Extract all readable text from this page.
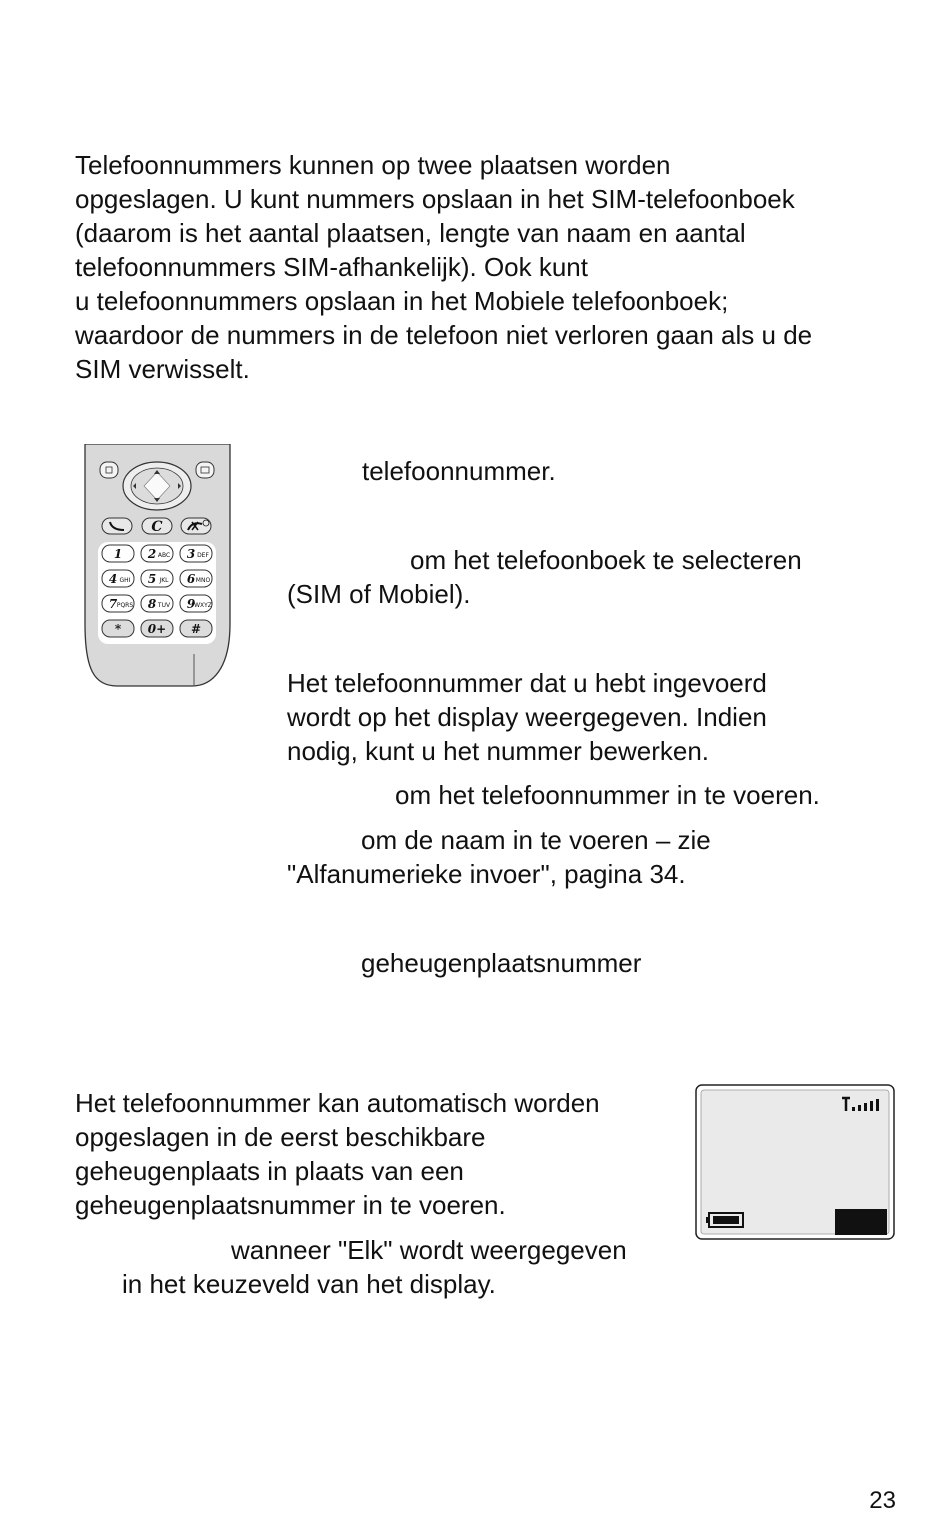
Telefoonnummers kunnen op twee plaatsen worden
opgeslagen. U kunt nummers opslaan in het SIM-telefoonboek
(daarom is het aantal plaatsen, lengte van naam en aantal
telefoonnummers SIM-afhankelijk). Ook kunt
u telefoonnummers opslaan in het Mobiele telefoonboek;
waardoor de nummers in de telefoon niet verloren gaan als u de
SIM verwisselt.
C
1 2 ABC 3 DEF
4 GHI 5 JKL 6 MNO
7 PQRS 8 TUV 9
WXYZ
* 0+ #

telefoonnummer.

om het telefoonboek te selecteren

(SIM of Mobiel).

Het telefoonnummer dat u hebt ingevoerd

wordt op het display weergegeven. Indien

nodig, kunt u het nummer bewerken.

om het telefoonnummer in te voeren.

om de naam in te voeren – zie

"Alfanumerieke invoer", pagina 34.

geheugenplaatsnummer

Het telefoonnummer kan automatisch worden
opgeslagen in de eerst beschikbare
geheugenplaats in plaats van een
geheugenplaatsnummer in te voeren.

wanneer "Elk" wordt weergegeven

in het keuzeveld van het display.

23
